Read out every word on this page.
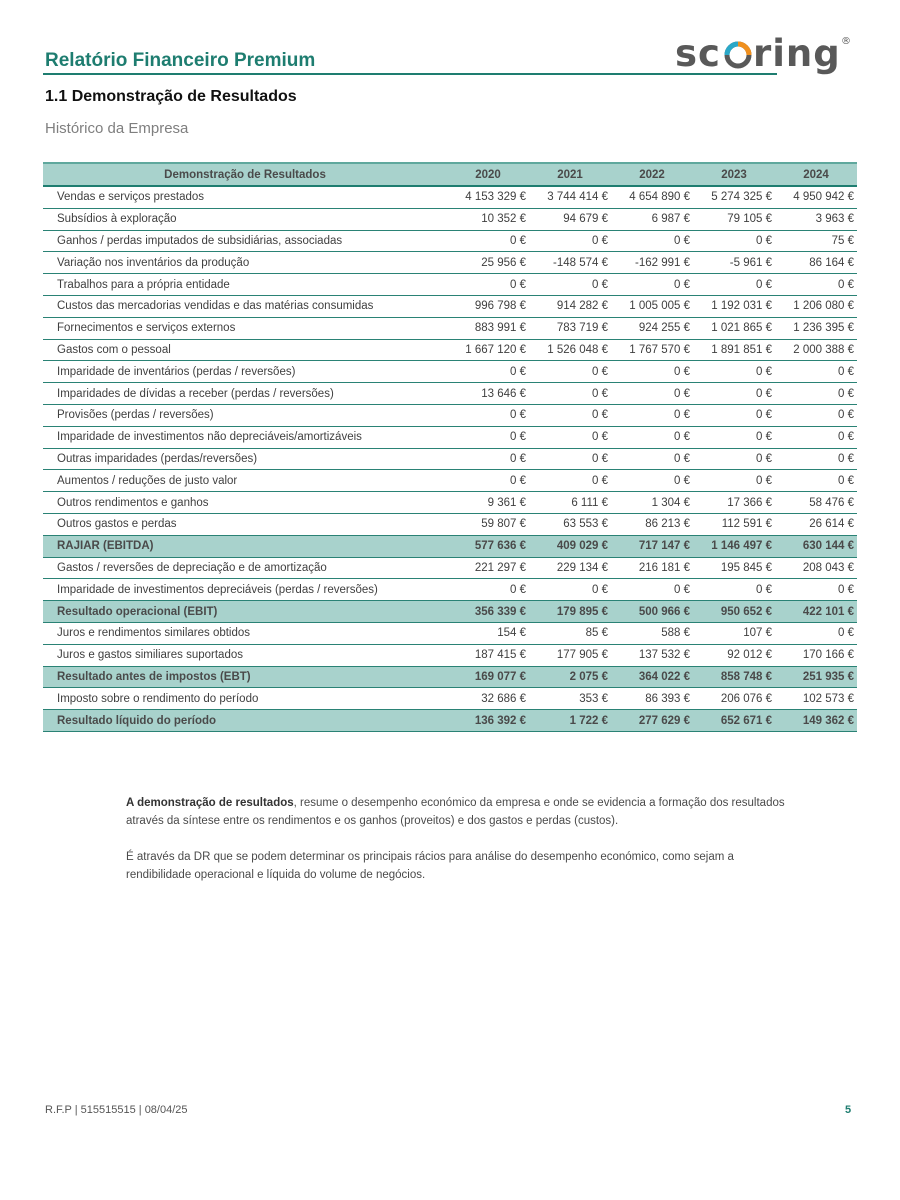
Relatório Financeiro Premium	sc ring ®
1.1 Demonstração de Resultados
Histórico da Empresa
Demonstração de Resultados	2020	2021	2022	2023	2024
Vendas e serviços prestados	4 153 329 €	3 744 414 €	4 654 890 €	5 274 325 €	4 950 942 €
Subsídios à exploração	10 352 €	94 679 €	6 987 €	79 105 €	3 963 €
Ganhos / perdas imputados de subsidiárias, associadas	0 €	0 €	0 €	0 €	75 €
Variação nos inventários da produção	25 956 €	-148 574 €	-162 991 €	-5 961 €	86 164 €
Trabalhos para a própria entidade	0 €	0 €	0 €	0 €	0 €
Custos das mercadorias vendidas e das matérias consumidas	996 798 €	914 282 €	1 005 005 €	1 192 031 €	1 206 080 €
Fornecimentos e serviços externos	883 991 €	783 719 €	924 255 €	1 021 865 €	1 236 395 €
Gastos com o pessoal	1 667 120 €	1 526 048 €	1 767 570 €	1 891 851 €	2 000 388 €
Imparidade de inventários (perdas / reversões)	0 €	0 €	0 €	0 €	0 €
Imparidades de dívidas a receber (perdas / reversões)	13 646 €	0 €	0 €	0 €	0 €
Provisões (perdas / reversões)	0 €	0 €	0 €	0 €	0 €
Imparidade de investimentos não depreciáveis/amortizáveis	0 €	0 €	0 €	0 €	0 €
Outras imparidades (perdas/reversões)	0 €	0 €	0 €	0 €	0 €
Aumentos / reduções de justo valor	0 €	0 €	0 €	0 €	0 €
Outros rendimentos e ganhos	9 361 €	6 111 €	1 304 €	17 366 €	58 476 €
Outros gastos e perdas	59 807 €	63 553 €	86 213 €	112 591 €	26 614 €
RAJIAR (EBITDA)	577 636 €	409 029 €	717 147 €	1 146 497 €	630 144 €
Gastos / reversões de depreciação e de amortização	221 297 €	229 134 €	216 181 €	195 845 €	208 043 €
Imparidade de investimentos depreciáveis (perdas / reversões)	0 €	0 €	0 €	0 €	0 €
Resultado operacional (EBIT)	356 339 €	179 895 €	500 966 €	950 652 €	422 101 €
Juros e rendimentos similares obtidos	154 €	85 €	588 €	107 €	0 €
Juros e gastos similiares suportados	187 415 €	177 905 €	137 532 €	92 012 €	170 166 €
Resultado antes de impostos (EBT)	169 077 €	2 075 €	364 022 €	858 748 €	251 935 €
Imposto sobre o rendimento do período	32 686 €	353 €	86 393 €	206 076 €	102 573 €
Resultado líquido do período	136 392 €	1 722 €	277 629 €	652 671 €	149 362 €
A demonstração de resultados, resume o desempenho económico da empresa e onde se evidencia a formação dos resultados através da síntese entre os rendimentos e os ganhos (proveitos) e dos gastos e perdas (custos).
É através da DR que se podem determinar os principais rácios para análise do desempenho económico, como sejam a rendibilidade operacional e líquida do volume de negócios.
R.F.P | 515515515 | 08/04/25	5
